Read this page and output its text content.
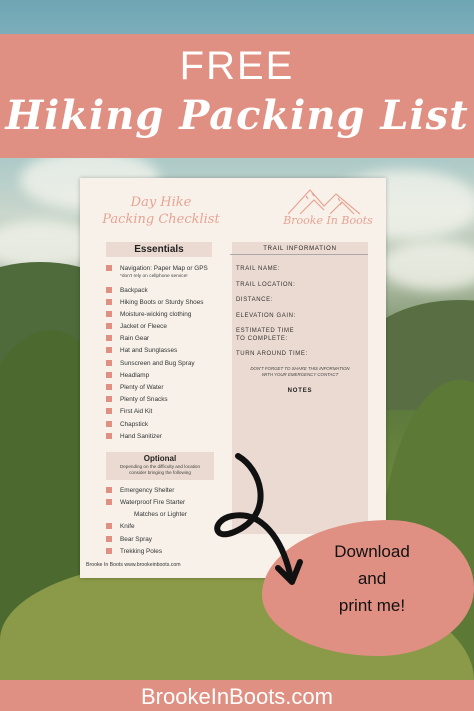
FREE
Hiking Packing List
Day Hike
Packing Checklist	Brooke In Boots
Essentials
Navigation: Paper Map or GPS
*don't rely on cellphone service!
Backpack
Hiking Boots or Sturdy Shoes
Moisture-wicking clothing
Jacket or Fleece
Rain Gear
Hat and Sunglasses
Sunscreen and Bug Spray
Headlamp
Plenty of Water
Plenty of Snacks
First Aid Kit
Chapstick
Hand Sanitizer
Optional
Depending on the difficulty and location
consider bringing the following
Emergency Shelter
Waterproof Fire Starter
Matches or Lighter
Knife
Bear Spray
Trekking Poles
TRAIL INFORMATION
TRAIL NAME:
TRAIL LOCATION:
DISTANCE:
ELEVATION GAIN:
ESTIMATED TIME
TO COMPLETE:
TURN AROUND TIME:
DON'T FORGET TO SHARE THIS INFORMATION
WITH YOUR EMERGENCY CONTACT
NOTES
Brooke In Boots www.brookeinboots.com
Download
and
print me!
BrookeInBoots.com
